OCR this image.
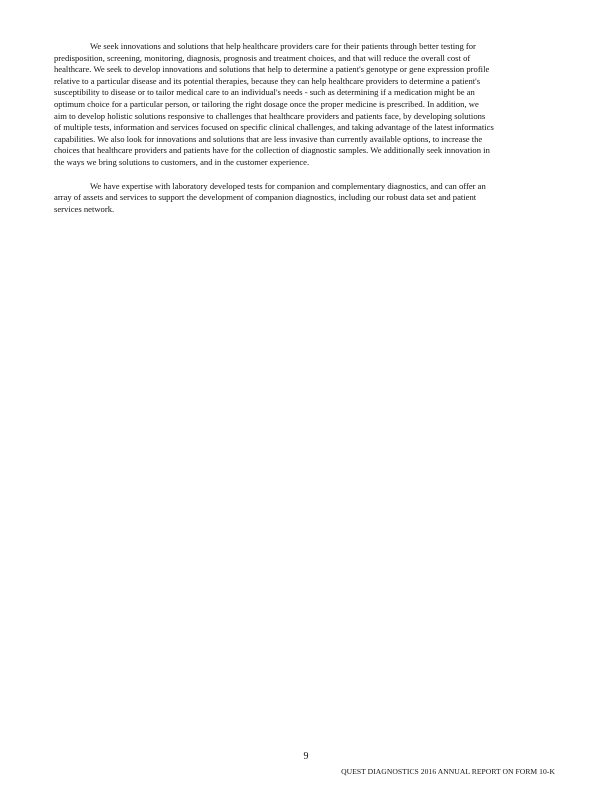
We seek innovations and solutions that help healthcare providers care for their patients through better testing for
predisposition, screening, monitoring, diagnosis, prognosis and treatment choices, and that will reduce the overall cost of
healthcare. We seek to develop innovations and solutions that help to determine a patient's genotype or gene expression profile
relative to a particular disease and its potential therapies, because they can help healthcare providers to determine a patient's
susceptibility to disease or to tailor medical care to an individual's needs - such as determining if a medication might be an
optimum choice for a particular person, or tailoring the right dosage once the proper medicine is prescribed. In addition, we
aim to develop holistic solutions responsive to challenges that healthcare providers and patients face, by developing solutions
of multiple tests, information and services focused on specific clinical challenges, and taking advantage of the latest informatics
capabilities. We also look for innovations and solutions that are less invasive than currently available options, to increase the
choices that healthcare providers and patients have for the collection of diagnostic samples. We additionally seek innovation in
the ways we bring solutions to customers, and in the customer experience.

We have expertise with laboratory developed tests for companion and complementary diagnostics, and can offer an
array of assets and services to support the development of companion diagnostics, including our robust data set and patient
services network.

9
QUEST DIAGNOSTICS 2016 ANNUAL REPORT ON FORM 10-K
